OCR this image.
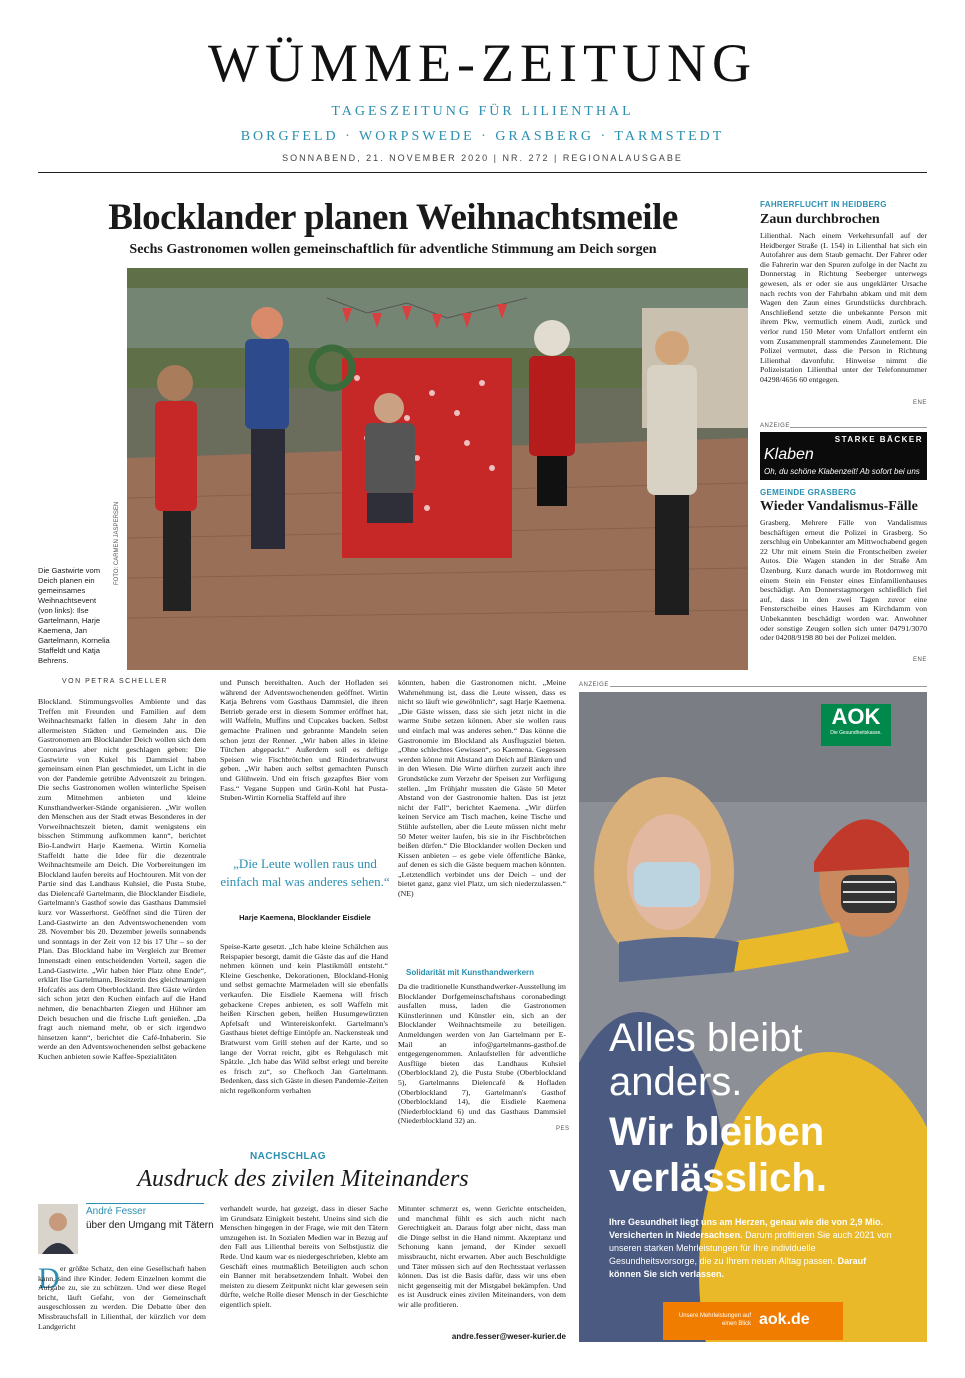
WÜMME-ZEITUNG
TAGESZEITUNG FÜR LILIENTHAL
BORGFELD · WORPSWEDE · GRASBERG · TARMSTEDT
SONNABEND, 21. NOVEMBER 2020 | NR. 272 | REGIONALAUSGABE
Blocklander planen Weihnachtsmeile
Sechs Gastronomen wollen gemeinschaftlich für adventliche Stimmung am Deich sorgen
Die Gastwirte vom Deich planen ein gemeinsames Weihnachtsevent (von links): Ilse Gartelmann, Harje Kaemena, Jan Gartelmann, Kornelia Staffeldt und Katja Behrens.
FOTO: CARMEN JASPERSEN
VON PETRA SCHELLER
Blockland. Stimmungsvolles Ambiente und das Treffen mit Freunden und Familien auf dem Weihnachtsmarkt fallen in diesem Jahr in den allermeisten Städten und Gemeinden aus. Die Gastronomen am Blocklander Deich wollen sich dem Coronavirus aber nicht geschlagen geben: Die Gastwirte von Kukel bis Dammsiel haben gemeinsam einen Plan geschmiedet, um Licht in die von der Pandemie getrübte Adventszeit zu bringen. Die sechs Gastronomen wollen winterliche Speisen zum Mitnehmen anbieten und kleine Kunsthandwerker-Stände organisieren. „Wir wollen den Menschen aus der Stadt etwas Besonderes in der Vorweihnachtszeit bieten, damit wenigstens ein bisschen Stimmung aufkommen kann“, berichtet Bio-Landwirt Harje Kaemena. Wirtin Kornelia Staffeldt hatte die Idee für die dezentrale Weihnachtsmeile am Deich. Die Vorbereitungen im Blockland laufen bereits auf Hochtouren. Mit von der Partie sind das Landhaus Kuhsiel, die Pusta Stube, das Dielencafé Gartelmann, die Blocklander Eisdiele, Gartelmann's Gasthof sowie das Gasthaus Dammsiel kurz vor Wasserhorst. Geöffnet sind die Türen der Land-Gastwirte an den Adventswochenenden vom 28. November bis 20. Dezember jeweils sonnabends und sonntags in der Zeit von 12 bis 17 Uhr – so der Plan. Das Blockland habe im Vergleich zur Bremer Innenstadt einen entscheidenden Vorteil, sagen die Land-Gastwirte. „Wir haben hier Platz ohne Ende“, erklärt Ilse Gartelmann, Besitzerin des gleichnamigen Hofcafés aus dem Oberblockland. Ihre Gäste würden sich schon jetzt den Kuchen einfach auf die Hand nehmen, die benachbarten Ziegen und Hühner am Deich besuchen und die frische Luft genießen. „Da fragt auch niemand mehr, ob er sich irgendwo hinsetzen kann“, berichtet die Café-Inhaberin. Sie werde an den Adventswochenenden selbst gebackene Kuchen anbieten sowie Kaffee-Spezialitäten
und Punsch bereithalten. Auch der Hofladen sei während der Adventswochenenden geöffnet. Wirtin Katja Behrens vom Gasthaus Dammsiel, die ihren Betrieb gerade erst in diesem Sommer eröffnet hat, will Waffeln, Muffins und Cupcakes backen. Selbst gemachte Pralinen und gebrannte Mandeln seien schon jetzt der Renner. „Wir haben alles in kleine Tütchen abgepackt.“ Außerdem soll es deftige Speisen wie Fischbrötchen und Rinderbratwurst geben. „Wir haben auch selbst gemachten Punsch und Glühwein. Und ein frisch gezapftes Bier vom Fass.“ Vegane Suppen und Grün-Kohl hat Pusta-Stuben-Wirtin Kornelia Staffeld auf ihre
„Die Leute wollen raus und einfach mal was anderes sehen.“
Harje Kaemena, Blocklander Eisdiele
Speise-Karte gesetzt. „Ich habe kleine Schälchen aus Reispapier besorgt, damit die Gäste das auf die Hand nehmen können und kein Plastikmüll entsteht.“ Kleine Geschenke, Dekorationen, Blockland-Honig und selbst gemachte Marmeladen will sie ebenfalls verkaufen. Die Eisdiele Kaemena will frisch gebackene Crepes anbieten, es soll Waffeln mit heißen Kirschen geben, heißen Husumgewürzten Apfelsaft und Wintereiskonfekt. Gartelmann's Gasthaus bietet deftige Eintöpfe an. Nackensteak und Bratwurst vom Grill stehen auf der Karte, und so lange der Vorrat reicht, gibt es Rehgulasch mit Spätzle. „Ich habe das Wild selbst erlegt und bereite es frisch zu“, so Chefkoch Jan Gartelmann. Bedenken, dass sich Gäste in diesen Pandemie-Zeiten nicht regelkonform verhalten
könnten, haben die Gastronomen nicht. „Meine Wahrnehmung ist, dass die Leute wissen, dass es nicht so läuft wie gewöhnlich“, sagt Harje Kaemena. „Die Gäste wissen, dass sie sich jetzt nicht in die warme Stube setzen können. Aber sie wollen raus und einfach mal was anderes sehen.“ Das könne die Gastronomie im Blockland als Ausflugsziel bieten. „Ohne schlechtes Gewissen“, so Kaemena. Gegessen werden könne mit Abstand am Deich auf Bänken und in den Wiesen. Die Wirte dürften zurzeit auch ihre Grundstücke zum Verzehr der Speisen zur Verfügung stellen. „Im Frühjahr mussten die Gäste 50 Meter Abstand von der Gastronomie halten. Das ist jetzt nicht der Fall“, berichtet Kaemena. „Wir dürfen keinen Service am Tisch machen, keine Tische und Stühle aufstellen, aber die Leute müssen nicht mehr 50 Meter weiter laufen, bis sie in ihr Fischbrötchen beißen dürfen.“ Die Blocklander wollen Decken und Kissen anbieten – es gebe viele öffentliche Bänke, auf denen es sich die Gäste bequem machen könnten. „Letztendlich verbindet uns der Deich – und der bietet ganz, ganz viel Platz, um sich niederzulassen.“ (NE)
Solidarität mit Kunsthandwerkern
Da die traditionelle Kunsthandwerker-Ausstellung im Blocklander Dorfgemeinschaftshaus coronabedingt ausfallen muss, laden die Gastronomen Künstlerinnen und Künstler ein, sich an der Blocklander Weihnachtsmeile zu beteiligen. Anmeldungen werden von Jan Gartelmann per E-Mail an info@gartelmanns-gasthof.de entgegengenommen. Anlaufstellen für adventliche Ausflüge bieten das Landhaus Kuhsiel (Oberblockland 2), die Pusta Stube (Oberblockland 5), Gartelmanns Dielencafé & Hofladen (Oberblockland 7), Gartelmann's Gasthof (Oberblockland 14), die Eisdiele Kaemena (Niederblockland 6) und das Gasthaus Dammsiel (Niederblockland 32) an.
PES
FAHRERFLUCHT IN HEIDBERG
Zaun durchbrochen
Lilienthal. Nach einem Verkehrsunfall auf der Heidberger Straße (L 154) in Lilienthal hat sich ein Autofahrer aus dem Staub gemacht. Der Fahrer oder die Fahrerin war den Spuren zufolge in der Nacht zu Donnerstag in Richtung Seeberger unterwegs gewesen, als er oder sie aus ungeklärter Ursache nach rechts von der Fahrbahn abkam und mit dem Wagen den Zaun eines Grundstücks durchbrach. Anschließend setzte die unbekannte Person mit ihrem Pkw, vermutlich einem Audi, zurück und verlor rund 150 Meter vom Unfallort entfernt ein vom Zusammenprall stammendes Zaunelement. Die Polizei vermutet, dass die Person in Richtung Lilienthal davonfuhr. Hinweise nimmt die Polizeistation Lilienthal unter der Telefonnummer 04298/4656 60 entgegen.
ENE
ANZEIGE
STARKE BÄCKER
Klaben
Oh, du schöne Klabenzeit! Ab sofort bei uns
GEMEINDE GRASBERG
Wieder Vandalismus-Fälle
Grasberg. Mehrere Fälle von Vandalismus beschäftigen erneut die Polizei in Grasberg. So zerschlug ein Unbekannter am Mittwochabend gegen 22 Uhr mit einem Stein die Frontscheiben zweier Autos. Die Wagen standen in der Straße Am Üzenburg. Kurz danach wurde im Rotdornweg mit einem Stein ein Fenster eines Einfamilienhauses beschädigt. Am Donnerstagmorgen schließlich fiel auf, dass in den zwei Tagen zuvor eine Fensterscheibe eines Hauses am Kirchdamm von Unbekannten beschädigt worden war. Anwohner oder sonstige Zeugen sollen sich unter 04791/3070 oder 04208/9198 80 bei der Polizei melden.
ENE
ANZEIGE
AOK
Die Gesundheitskasse.
Alles bleibt
anders.
Wir bleiben
verlässlich.
Ihre Gesundheit liegt uns am Herzen, genau wie die von 2,9 Mio. Versicherten in Niedersachsen. Darum profitieren Sie auch 2021 von unseren starken Mehrleistungen für Ihre individuelle Gesundheitsvorsorge, die zu Ihrem neuen Alltag passen. Darauf können Sie sich verlassen.
Unsere Mehrleistungen auf einen Blick aok.de
NACHSCHLAG
Ausdruck des zivilen Miteinanders
André Fesser
über den Umgang mit Tätern
D er größte Schatz, den eine Gesellschaft haben kann, sind ihre Kinder. Jedem Einzelnen kommt die Aufgabe zu, sie zu schützen. Und wer diese Regel bricht, läuft Gefahr, von der Gemeinschaft ausgeschlossen zu werden. Die Debatte über den Missbrauchsfall in Lilienthal, der kürzlich vor dem Landgericht
verhandelt wurde, hat gezeigt, dass in dieser Sache im Grundsatz Einigkeit besteht. Uneins sind sich die Menschen hingegen in der Frage, wie mit den Tätern umzugehen ist. In Sozialen Medien war in Bezug auf den Fall aus Lilienthal bereits von Selbstjustiz die Rede. Und kaum war es niedergeschrieben, klebte am Geschäft eines mutmaßlich Beteiligten auch schon ein Banner mit herabsetzendem Inhalt. Wobei den meisten zu diesem Zeitpunkt nicht klar gewesen sein dürfte, welche Rolle dieser Mensch in der Geschichte eigentlich spielt.
Mitunter schmerzt es, wenn Gerichte entscheiden, und manchmal fühlt es sich auch nicht nach Gerechtigkeit an. Daraus folgt aber nicht, dass man die Dinge selbst in die Hand nimmt. Akzeptanz und Schonung kann jemand, der Kinder sexuell missbraucht, nicht erwarten. Aber auch Beschuldigte und Täter müssen sich auf den Rechtsstaat verlassen können. Das ist die Basis dafür, dass wir uns eben nicht gegenseitig mit der Mistgabel bekämpfen. Und es ist Ausdruck eines zivilen Miteinanders, von dem wir alle profitieren.
andre.fesser@weser-kurier.de
